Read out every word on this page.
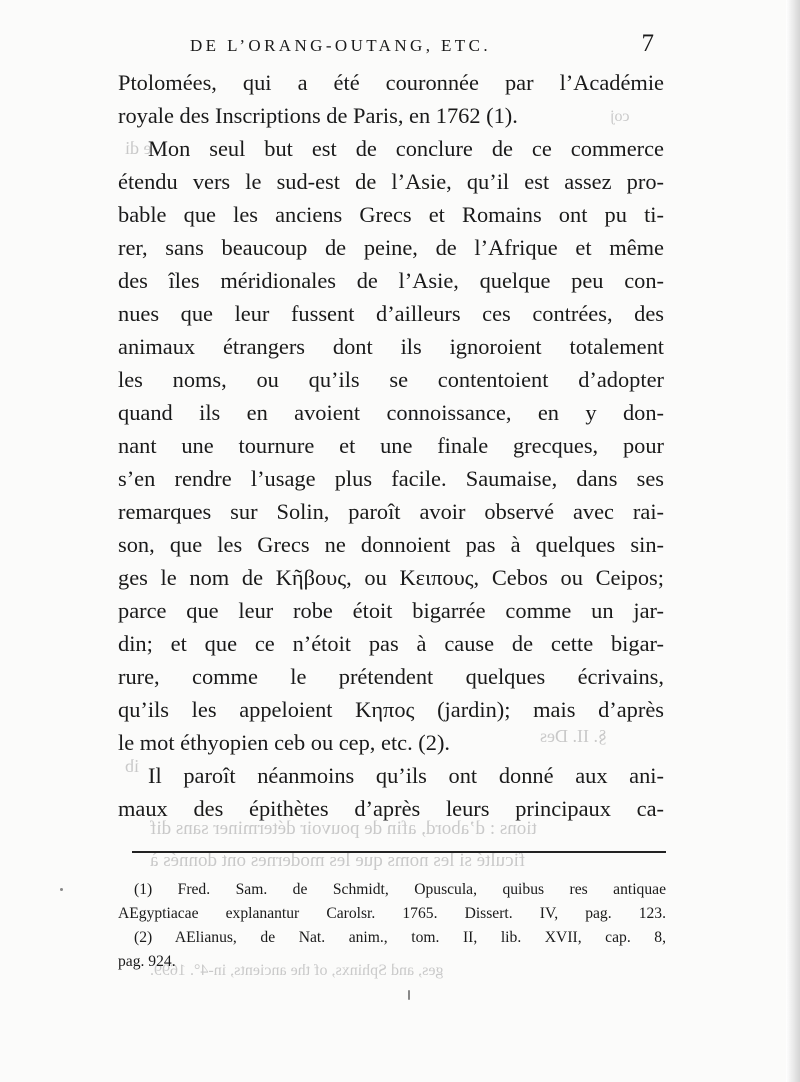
coj
e di
§. II. Des
ib
tions : d’abord, afin de pouvoir déterminer sans dif
ficulté si les noms que les modernes ont donnés à
ges, and Sphinxs, of the ancients, in-4°. 1699.
DE L’ORANG-OUTANG, ETC.	7
Ptolomées, qui a été couronnée par l’Académie
royale des Inscriptions de Paris, en 1762 (1).
Mon seul but est de conclure de ce commerce
étendu vers le sud-est de l’Asie, qu’il est assez pro-
bable que les anciens Grecs et Romains ont pu ti-
rer, sans beaucoup de peine, de l’Afrique et même
des îles méridionales de l’Asie, quelque peu con-
nues que leur fussent d’ailleurs ces contrées, des
animaux étrangers dont ils ignoroient totalement
les noms, ou qu’ils se contentoient d’adopter
quand ils en avoient connoissance, en y don-
nant une tournure et une finale grecques, pour
s’en rendre l’usage plus facile. Saumaise, dans ses
remarques sur Solin, paroît avoir observé avec rai-
son, que les Grecs ne donnoient pas à quelques sin-
ges le nom de Κῆβους, ou Κειπους, Cebos ou Ceipos;
parce que leur robe étoit bigarrée comme un jar-
din; et que ce n’étoit pas à cause de cette bigar-
rure, comme le prétendent quelques écrivains,
qu’ils les appeloient Κηπος (jardin); mais d’après
le mot éthyopien ceb ou cep, etc. (2).
Il paroît néanmoins qu’ils ont donné aux ani-
maux des épithètes d’après leurs principaux ca-
(1) Fred. Sam. de Schmidt, Opuscula, quibus res antiquae
AEgyptiacae explanantur Carolsr. 1765. Dissert. IV, pag. 123.
(2) AElianus, de Nat. anim., tom. II, lib. XVII, cap. 8,
pag. 924.
